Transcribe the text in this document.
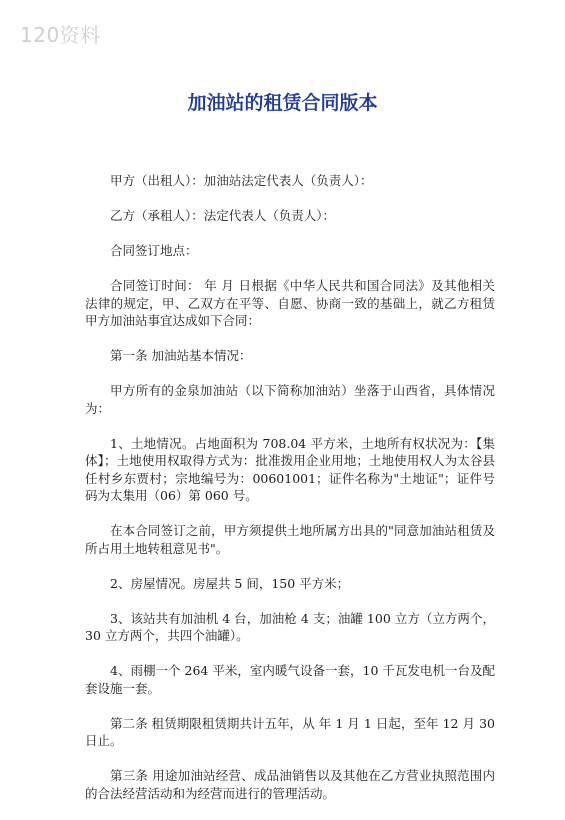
120资料
加油站的租赁合同版本

甲方（出租人）：加油站法定代表人（负责人）：

乙方（承租人）：法定代表人（负责人）：

合同签订地点：

合同签订时间： 年 月 日根据《中华人民共和国合同法》及其他相关法律的规定，甲、乙双方在平等、自愿、协商一致的基础上，就乙方租赁甲方加油站事宜达成如下合同：

第一条 加油站基本情况：

甲方所有的金泉加油站（以下简称加油站）坐落于山西省，具体情况为：

1、土地情况。占地面积为 708.04 平方米，土地所有权状况为：【集体】；土地使用权取得方式为：批准拨用企业用地；土地使用权人为太谷县任村乡东贾村；宗地编号为：00601001；证件名称为"土地证"；证件号码为太集用（06）第 060 号。

在本合同签订之前，甲方须提供土地所属方出具的"同意加油站租赁及所占用土地转租意见书"。

2、房屋情况。房屋共 5 间，150 平方米；

3、该站共有加油机 4 台，加油枪 4 支；油罐 100 立方（立方两个，30 立方两个，共四个油罐）。

4、雨棚一个 264 平米，室内暖气设备一套，10 千瓦发电机一台及配套设施一套。

第二条 租赁期限租赁期共计五年，从 年 1 月 1 日起，至年 12 月 30 日止。

第三条 用途加油站经营、成品油销售以及其他在乙方营业执照范围内的合法经营活动和为经营而进行的管理活动。
